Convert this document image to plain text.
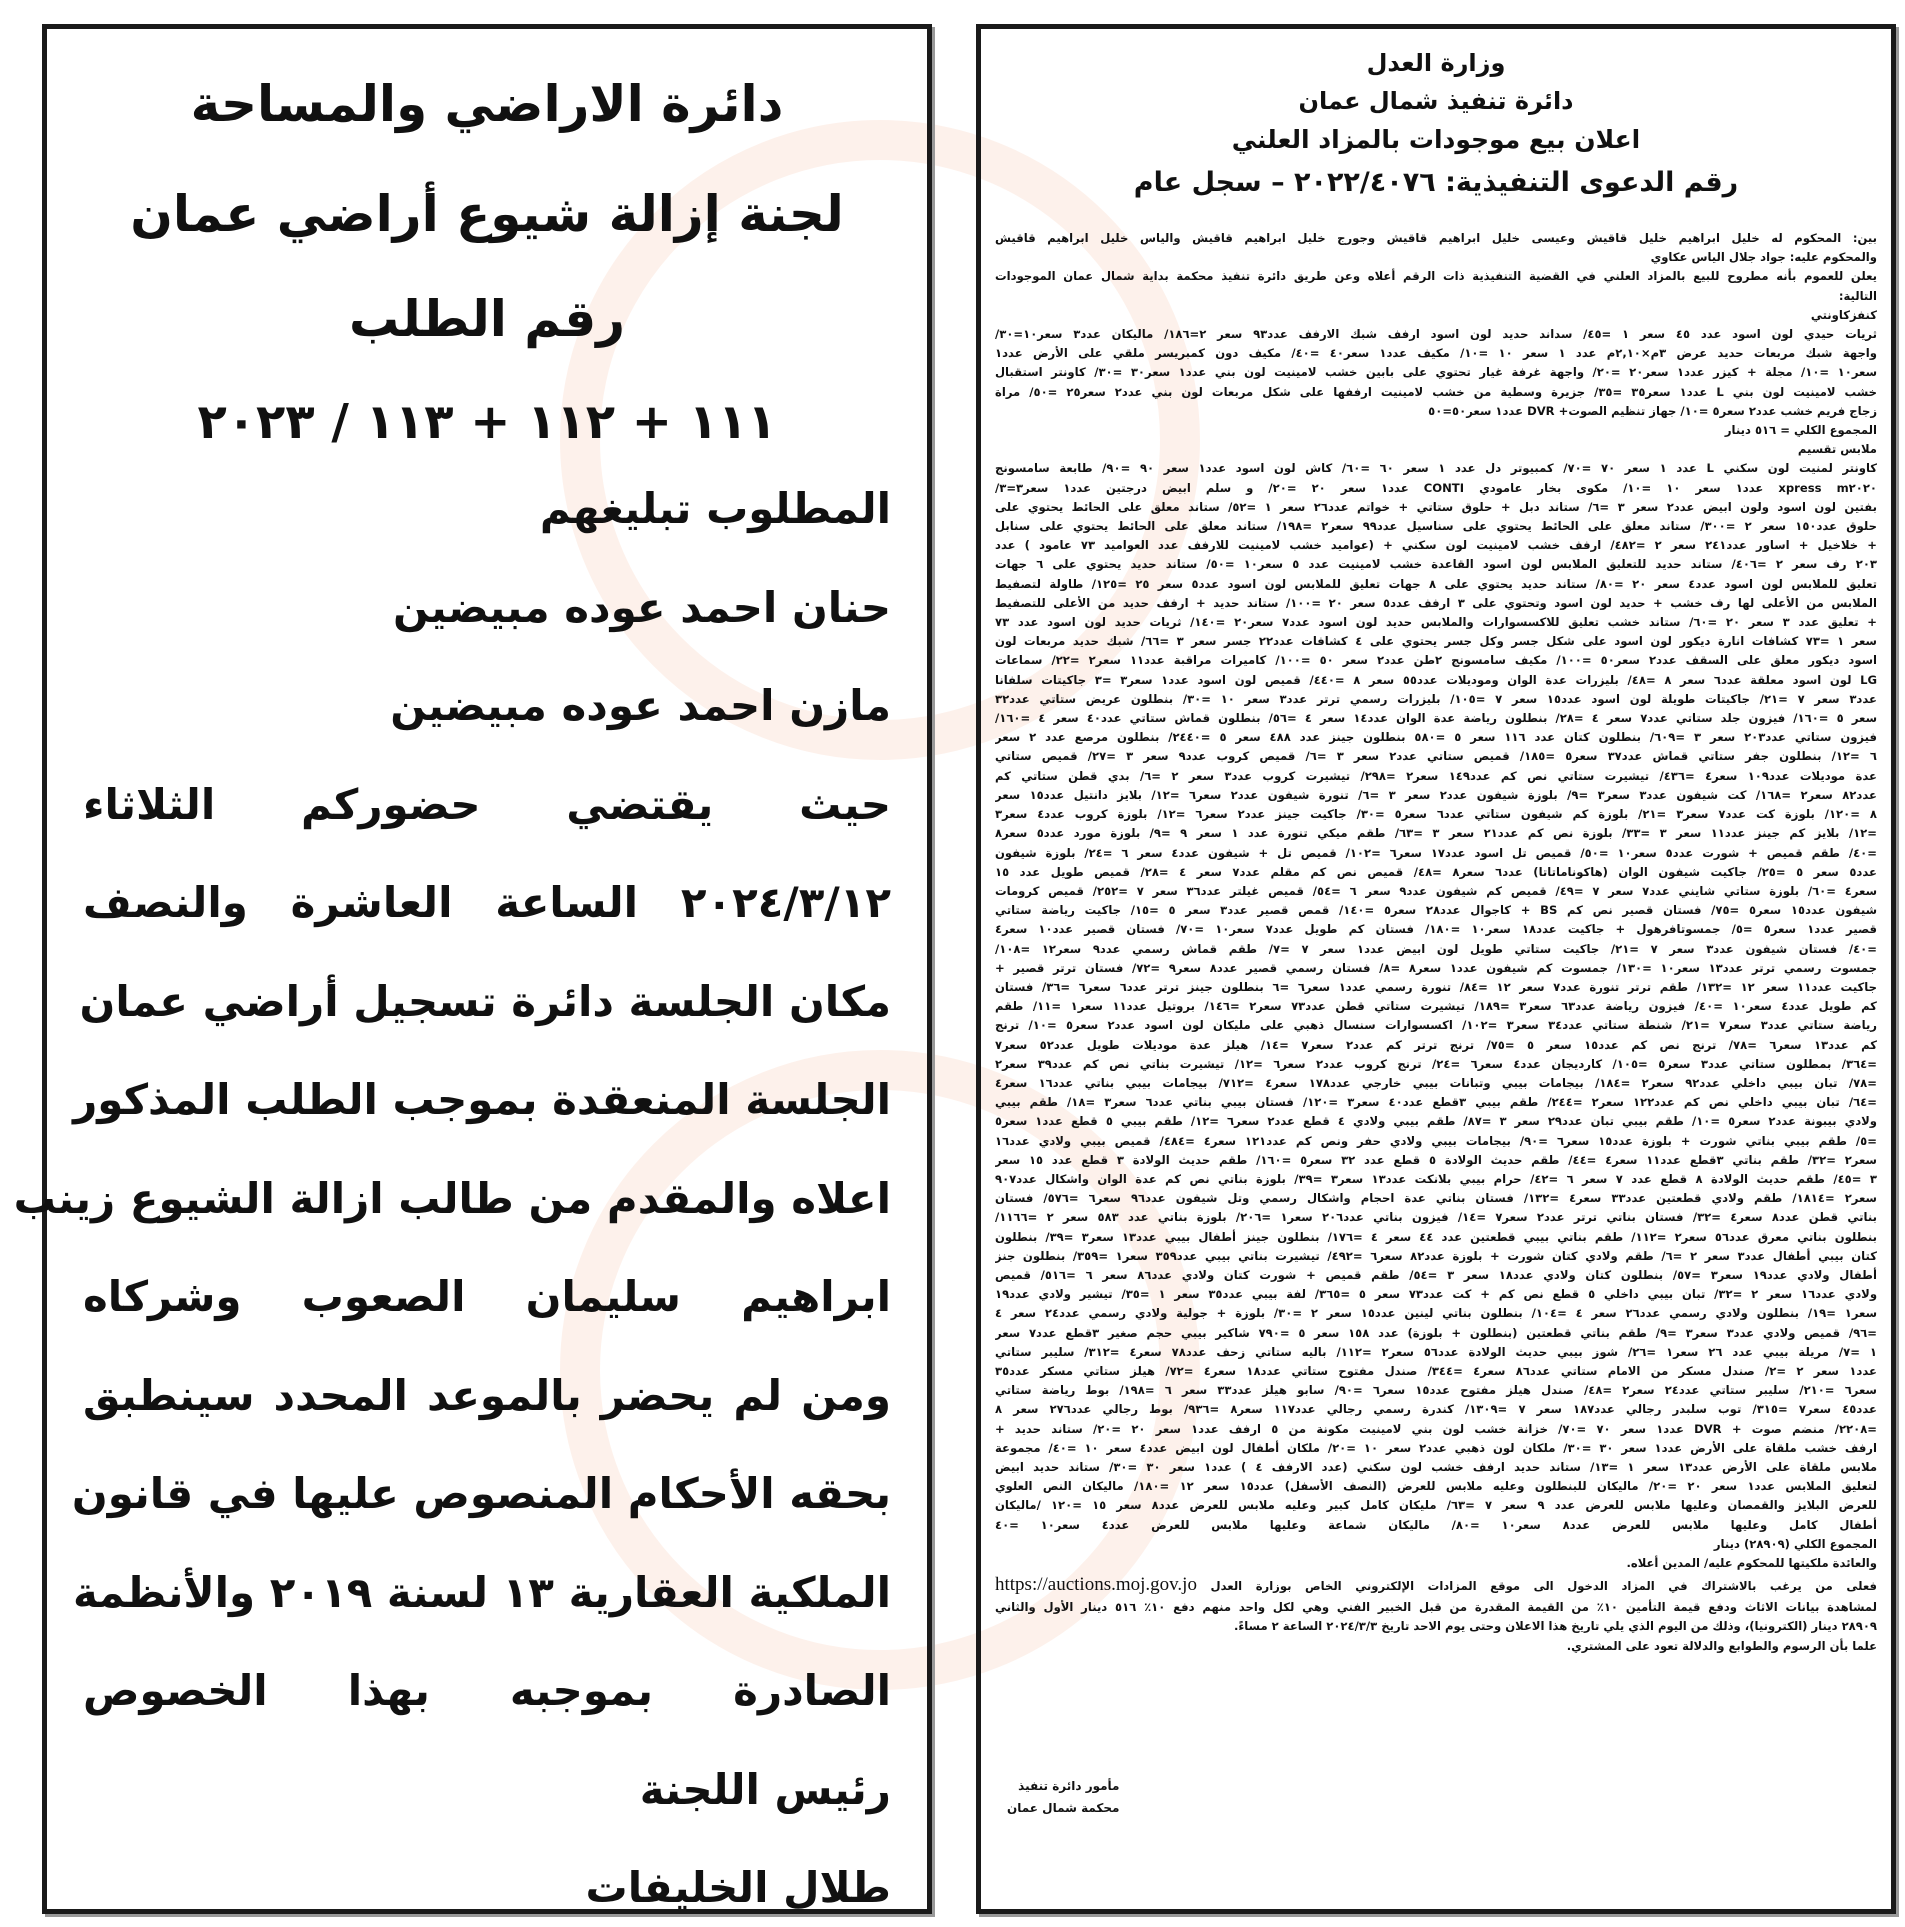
دائرة الاراضي والمساحة
لجنة إزالة شيوع أراضي عمان
رقم الطلب
١١١ + ١١٢ + ١١٣ / ٢٠٢٣
المطلوب تبليغهم
حنان احمد عوده مبيضين
مازن احمد عوده مبيضين
حيث يقتضي حضوركم الثلاثاء
٢٠٢٤/٣/١٢ الساعة العاشرة والنصف
مكان الجلسة دائرة تسجيل أراضي عمان
الجلسة المنعقدة بموجب الطلب المذكور
اعلاه والمقدم من طالب ازالة الشيوع زينب
ابراهيم سليمان الصعوب وشركاه
ومن لم يحضر بالموعد المحدد سينطبق
بحقه الأحكام المنصوص عليها في قانون
الملكية العقارية ١٣ لسنة ٢٠١٩ والأنظمة
الصادرة بموجبه بهذا الخصوص
رئيس اللجنة
طلال الخليفات
وزارة العدل
دائرة تنفيذ شمال عمان
اعلان بيع موجودات بالمزاد العلني
رقم الدعوى التنفيذية: ٢٠٢٢/٤٠٧٦ – سجل عام
بين: المحكوم له خليل ابراهيم خليل قاقيش وعيسى خليل ابراهيم قاقيش وجورج خليل ابراهيم قاقيش والياس خليل ابراهيم قاقيش
والمحكوم عليه: جواد جلال الياس عكاوي
يعلن للعموم بأنه مطروح للبيع بالمزاد العلني في القضية التنفيذية ذات الرقم أعلاه وعن طريق دائرة تنفيذ محكمة بداية شمال عمان الموجودات
التالية:
كنفزكاونتي
ثريات حيدي لون اسود عدد ٤٥ سعر ١ =٤٥/ سداند حديد لون اسود ارفف شبك الارفف عدد٩٣ سعر ٢=١٨٦/ ماليكان عدد٣ سعر١٠=٣٠/
واجهة شبك مربعات حديد عرض ٣م×٢,١٠م عدد ١ سعر ١٠ =١٠/ مكيف عدد١ سعر٤٠ =٤٠/ مكيف دون كمبريسر ملقي على الأرض عدد١
سعر١٠ =١٠/ مجلة + كيزر عدد١ سعر٢٠ =٢٠/ واجهة غرفة غيار تحتوي على بابين خشب لامينيت لون بني عدد١ سعر٣٠ =٣٠/ كاونتر استقبال
خشب لامينيت لون بني L عدد١ سعر٣٥ =٣٥/ جزيرة وسطية من خشب لامينيت ارففها على شكل مربعات لون بني عدد٢ سعر٢٥ =٥٠/ مراة
زجاج فريم خشب عدد٢ سعر٥ =١٠/ جهاز تنظيم الصوت+ DVR عدد١ سعر٥٠=٥٠
المجموع الكلي = ٥١٦ دينار
ملابس تقسيم
كاونتر لمنيت لون سكني L عدد ١ سعر ٧٠ =٧٠/ كمبيوتر دل عدد ١ سعر ٦٠ =٦٠/ كاش لون اسود عدد١ سعر ٩٠ =٩٠/ طابعة سامسونج
xpress m٢٠٢٠ عدد١ سعر ١٠ =١٠/ مكوى بخار عامودي CONTI عدد١ سعر ٢٠ =٢٠/ و سلم ابيض درجتين عدد١ سعر٣=٣/
بفتين لون اسود ولون ابيض عدد٢ سعر ٣ =٦/ ستاند دبل + حلوق ستاتي + خواتم عدد٢٦ سعر ١ =٥٢/ ستاند معلق على الحائط يحتوي على
حلوق عدد١٥٠ سعر ٢ =٣٠٠/ ستاند معلق على الحائط يحتوي على سناسيل عدد٩٩ سعر٢ =١٩٨/ ستاند معلق على الحائط يحتوي على سنابل
+ خلاخيل + اساور عدد٢٤١ سعر ٢ =٤٨٢/ ارفف خشب لامينيت لون سكني + (عواميد خشب لامينيت للارفف عدد العواميد ٧٣ عامود ) عدد
٢٠٣ رف سعر ٢ =٤٠٦/ ستاند حديد للتعليق الملابس لون اسود القاعدة خشب لامينيت عدد ٥ سعر١٠ =٥٠/ ستاند حديد يحتوي على ٦ جهات
تعليق للملابس لون اسود عدد٤ سعر ٢٠ =٨٠/ ستاند حديد يحتوي على ٨ جهات تعليق للملابس لون اسود عدد٥ سعر ٢٥ =١٢٥/ طاولة لتصفيط
الملابس من الأعلى لها رف خشب + حديد لون اسود وتحتوي على ٣ ارفف عدد٥ سعر ٢٠ =١٠٠/ ستاند حديد + ارفف حديد من الأعلى للتصفيط
+ تعليق عدد ٣ سعر ٢٠ =٦٠/ ستاند خشب تعليق للاكسسوارات والملابس حديد لون اسود عدد٧ سعر٢٠ =١٤٠/ ثريات حديد لون اسود عدد ٧٣
سعر ١ =٧٣ كشافات انارة ديكور لون اسود على شكل جسر وكل جسر يحتوي على ٤ كشافات عدد٢٢ جسر سعر ٣ =٦٦/ شبك حديد مربعات لون
اسود ديكور معلق على السقف عدد٢ سعر٥٠ =١٠٠/ مكيف سامسونج ٢طن عدد٢ سعر ٥٠ =١٠٠/ كاميرات مراقبة عدد١١ سعر٢ =٢٢/ سماعات
LG لون اسود معلقة عدد٦ سعر ٨ =٤٨/ بليزرات عدة الوان وموديلات عدد٥٥ سعر ٨ =٤٤٠/ قميص لون اسود عدد١ سعر٣ =٣ جاكيتات سلفانا
عدد٣ سعر ٧ =٢١/ جاكيتات طويلة لون اسود عدد١٥ سعر ٧ =١٠٥/ بليزرات رسمي ترتر عدد٣ سعر ١٠ =٣٠/ بنطلون عريض ستاتي عدد٣٢
سعر ٥ =١٦٠/ فيزون جلد ستاتي عدد٧ سعر ٤ =٢٨/ بنطلون رياضة عدة الوان عدد١٤ سعر ٤ =٥٦/ بنطلون قماش ستاتي عدد٤٠ سعر ٤ =١٦٠/
فيزون ستاتي عدد٢٠٣ سعر ٣ =٦٠٩/ بنطلون كتان عدد ١١٦ سعر ٥ =٥٨٠ بنطلون جينز عدد ٤٨٨ سعر ٥ =٢٤٤٠/ بنطلون مرصع عدد ٢ سعر
٦ =١٢/ بنطلون جفر ستاتي قماش عدد٣٧ سعر٥ =١٨٥/ قميص ستاتي عدد٢ سعر ٣ =٦/ قميص كروب عدد٩ سعر ٣ =٢٧/ قميص ستاتي
عدة موديلات عدد١٠٩ سعر٤ =٤٣٦/ تيشيرت ستاتي نص كم عدد١٤٩ سعر٢ =٢٩٨/ تيشيرت كروب عدد٣ سعر ٢ =٦/ بدي قطن ستاتي كم
عدد٨٢ سعر٢ =١٦٨/ كت شيفون عدد٣ سعر٣ =٩/ بلوزة شيفون عدد٢ سعر ٣ =٦/ تنورة شيفون عدد٢ سعر٦ =١٢/ بلايز دانتيل عدد١٥ سعر
٨ =١٢٠/ بلوزة كت عدد٧ سعر٣ =٢١/ بلوزة كم شيفون ستاتي عدد٦ سعر٥ =٣٠/ جاكيت جينز عدد٢ سعر٦ =١٢/ بلوزة كروب عدد٤ سعر٣
=١٢/ بلايز كم جينز عدد١١ سعر ٣ =٣٣/ بلوزة نص كم عدد٢١ سعر ٣ =٦٣/ طقم ميكي تنورة عدد ١ سعر ٩ =٩/ بلوزة مورد عدد٥ سعر٨
=٤٠/ طقم قميص + شورت عدد٥ سعر١٠ =٥٠/ قميص تل اسود عدد١٧ سعر٦ =١٠٢/ قميص تل + شيفون عدد٤ سعر ٦ =٢٤/ بلوزة شيفون
عدد٥ سعر ٥ =٢٥/ جاكيت شيفون الوان (هاكوناماتاتا) عدد٦ سعر٨ =٤٨/ قميص نص كم مقلم عدد٧ سعر ٤ =٢٨/ قميص طويل عدد ١٥
سعر٤ =٦٠/ بلوزة ستاتي شايني عدد٧ سعر ٧ =٤٩/ قميص كم شيفون عدد٩ سعر ٦ =٥٤/ قميص غيلتر عدد٣٦ سعر ٧ =٢٥٢/ قميص كرومات
شيفون عدد١٥ سعر٥ =٧٥/ فستان قصير نص كم BS + كاجوال عدد٢٨ سعر٥ =١٤٠/ قمص قصير عدد٣ سعر ٥ =١٥/ جاكيت رياضة ستاتي
قصير عدد١ سعر٥ =٥/ جمسوتافرهول + جاكيت عدد١٨ سعر١٠ =١٨٠/ فستان كم طويل عدد٧ سعر١٠ =٧٠/ فستان قصير عدد١٠ سعر٤
=٤٠/ فستان شيفون عدد٣ سعر ٧ =٢١/ جاكيت ستاتي طويل لون ابيض عدد١ سعر ٧ =٧/ طقم قماش رسمي عدد٩ سعر١٢ =١٠٨/
جمسوت رسمي ترتر عدد١٣ سعر١٠ =١٣٠/ جمسوت كم شيفون عدد١ سعر٨ =٨/ فستان رسمي قصير عدد٨ سعر٩ =٧٢/ فستان ترتر قصير +
جاكيت عدد١١ سعر ١٢ =١٣٢/ طقم ترتر تنورة عدد٧ سعر ١٢ =٨٤/ تنورة رسمي عدد١ سعر٦ =٦ بنطلون جينز ترتر عدد٦ سعر٦ =٣٦/ فستان
كم طويل عدد٤ سعر١٠ =٤٠/ فيزون رياضة عدد٦٣ سعر٣ =١٨٩/ تيشيرت ستاتي قطن عدد٧٣ سعر٢ =١٤٦/ بروتيل عدد١١ سعر١ =١١/ طقم
رياضة ستاتي عدد٣ سعر٧ =٢١/ شنطة ستاتي عدد٣٤ سعر٣ =١٠٢/ اكسسوارات سنسال ذهبي على مليكان لون اسود عدد٢ سعر٥ =١٠/ ترنج
كم عدد١٣ سعر٦ =٧٨/ ترنج نص كم عدد١٥ سعر ٥ =٧٥/ ترنج ترتر كم عدد٢ سعر٧ =١٤/ هيلز عدة موديلات طويل عدد٥٢ سعر٧
=٣٦٤/ بمطلون ستاتي عدد٣ سعر٥ =١٠٥/ كارديجان عدد٤ سعر٦ =٢٤/ ترنج كروب عدد٢ سعر٦ =١٢/ تيشيرت بناتي نص كم عدد٣٩ سعر٢
=٧٨/ تبان بيبي داخلي عدد٩٢ سعر٢ =١٨٤/ بيجامات بيبي وتبانات بيبي خارجي عدد١٧٨ سعر٤ =٧١٢/ بيجامات بيبي بناتي عدد١٦ سعر٤
=٦٤/ تبان بيبي داخلي نص كم عدد١٢٢ سعر٢ =٢٤٤/ طقم بيبي ٣قطع عدد٤٠ سعر٣ =١٢٠/ فستان بيبي بناتي عدد٦ سعر٣ =١٨/ طقم بيبي
ولادي بيبونة عدد٢ سعر٥ =١٠/ طقم بيبي تبان عدد٢٩ سعر ٣ =٨٧/ طقم بيبي ولادي ٤ قطع عدد٢ سعر٦ =١٢/ طقم بيبي ٥ قطع عدد١ سعر٥
=٥/ طقم بيبي بناتي شورت + بلوزة عدد١٥ سعر٦ =٩٠/ بيجامات بيبي ولادي حفر ونص كم عدد١٢١ سعر٤ =٤٨٤/ قميص بيبي ولادي عدد١٦
سعر٢ =٣٢/ طقم بناتي ٣قطع عدد١١ سعر٤ =٤٤/ طقم حديث الولادة ٥ قطع عدد ٣٢ سعر٥ =١٦٠/ طقم حديث الولادة ٣ قطع عدد ١٥ سعر
٣ =٤٥/ طقم حديث الولادة ٨ قطع عدد ٧ سعر ٦ =٤٢/ حرام بيبي بلانكت عدد١٣ سعر٣ =٣٩/ بلوزة بناتي نص كم عدة الوان واشكال عدد٩٠٧
سعر٢ =١٨١٤/ طقم ولادي قطعتين عدد٣٣ سعر٤ =١٣٢/ فستان بناتي عدة احجام واشكال رسمي وتل شيفون عدد٩٦ سعر٦ =٥٧٦/ فستان
بناتي قطن عدد٨ سعر٤ =٣٢/ فستان بناتي ترتر عدد٢ سعر٧ =١٤/ فيزون بناتي عدد٢٠٦ سعر١ =٢٠٦/ بلوزة بناتي عدد ٥٨٣ سعر ٢ =١١٦٦/
بنطلون بناتي معرق عدد٥٦ سعر٢ =١١٢/ طقم بناتي بيبي قطعتين عدد ٤٤ سعر ٤ =١٧٦/ بنطلون جينز أطفال بيبي عدد١٣ سعر٣ =٣٩/ بنطلون
كتان بيبي أطفال عدد٣ سعر ٢ =٦/ طقم ولادي كتان شورت + بلوزة عدد٨٢ سعر٦ =٤٩٢/ تيشيرت بناتي بيبي عدد٣٥٩ سعر١ =٣٥٩/ بنطلون جنز
أطفال ولادي عدد١٩ سعر٣ =٥٧/ بنطلون كتان ولادي عدد١٨ سعر ٣ =٥٤/ طقم قميص + شورت كتان ولادي عدد٨٦ سعر ٦ =٥١٦/ قميص
ولادي عدد١٦ سعر ٢ =٣٢/ تبان بيبي داخلي ٥ قطع نص كم + كت عدد٧٣ سعر ٥ =٣٦٥/ لفة بيبي عدد٣٥ سعر ١ =٣٥/ تيشير ولادي عدد١٩
سعر١ =١٩/ بنطلون ولادي رسمي عدد٢٦ سعر ٤ =١٠٤/ بنطلون بناتي لينين عدد١٥ سعر ٢ =٣٠/ بلوزة + جولية ولادي رسمي عدد٢٤ سعر ٤
=٩٦/ قميص ولادي عدد٣ سعر٣ =٩/ طقم بناتي قطعتين (بنطلون + بلوزة) عدد ١٥٨ سعر ٥ =٧٩٠ شاكير بيبي حجم صغير ٣قطع عدد٧ سعر
١ =٧/ مريلة بيبي عدد ٢٦ سعر١ =٢٦/ شوز بيبي حديث الولادة عدد٥٦ سعر٢ =١١٢/ باليه ستاتي زحف عدد٧٨ سعر٤ =٣١٢/ سليبر ستاتي
عدد١ سعر ٢ =٢/ صندل مسكر من الامام ستاتي عدد٨٦ سعر٤ =٣٤٤/ صندل مفتوح ستاتي عدد١٨ سعر٤ =٧٢/ هيلز ستاتي مسكر عدد٣٥
سعر٦ =٢١٠/ سليبر ستاتي عدد٢٤ سعر٢ =٤٨/ صندل هيلز مفتوح عدد١٥ سعر٦ =٩٠/ سابو هيلز عدد٣٣ سعر ٦ =١٩٨/ بوط رياضة ستاتي
عدد٤٥ سعر٧ =٣١٥/ توب سلبدر رجالي عدد١٨٧ سعر ٧ =١٣٠٩/ كندرة رسمي رجالي عدد١١٧ سعر٨ =٩٣٦/ بوط رجالي عدد٢٧٦ سعر ٨
=٢٢٠٨/ منضم صوت + DVR عدد١ سعر ٧٠ =٧٠/ خزانة خشب لون بني لامينيت مكونة من ٥ ارفف عدد١ سعر ٢٠ =٢٠/ ستاند حديد +
ارفف خشب ملقاة على الأرض عدد١ سعر ٣٠ =٣٠/ ملكان لون ذهبي عدد٢ سعر ١٠ =٢٠/ ملكان أطفال لون ابيض عدد٤ سعر ١٠ =٤٠/ مجموعة
ملابس ملقاة على الأرض عدد١٣ سعر ١ =١٣/ ستاند حديد ارفف خشب لون سكني (عدد الارفف ٤ ) عدد١ سعر ٣٠ =٣٠/ ستاند حديد ابيض
لتعليق الملابس عدد١ سعر ٢٠ =٢٠/ ماليكان للبنطلون وعليه ملابس للعرض (النصف الأسفل) عدد١٥ سعر ١٢ =١٨٠/ ماليكان النص العلوي
للعرض البلايز والقمصان وعليها ملابس للعرض عدد ٩ سعر ٧ =٦٣/ مليكان كامل كبير وعليه ملابس للعرض عدد٨ سعر ١٥ =١٢٠ /ماليكان
أطفال كامل وعليها ملابس للعرض عدد٨ سعر١٠ =٨٠/ ماليكان شماعة وعليها ملابس للعرض عدد٤ سعر١٠ =٤٠
المجموع الكلي (٢٨٩٠٩) دينار
والعائدة ملكيتها للمحكوم عليه/ المدين أعلاه.
فعلى من يرغب بالاشتراك في المزاد الدخول الى موقع المزادات الإلكتروني الخاص بوزارة العدل https://auctions.moj.gov.jo
لمشاهدة بيانات الاثاث ودفع قيمة التأمين ١٠٪ من القيمة المقدرة من قبل الخبير الفني وهي لكل واحد منهم دفع ١٠٪ ٥١٦ دينار الأول والثاني
٢٨٩٠٩ دينار (الكترونيا)، وذلك من اليوم الذي يلي تاريخ هذا الاعلان وحتى يوم الاحد تاريخ ٢٠٢٤/٣/٣ الساعة ٢ مساءً.
علما بأن الرسوم والطوابع والدلالة تعود على المشتري.
مأمور دائرة تنفيذ
محكمة شمال عمان
